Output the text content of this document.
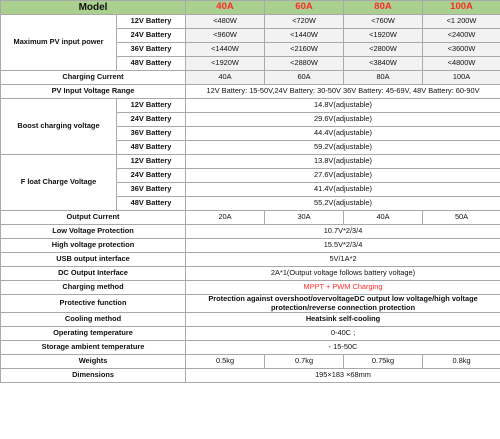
Model		40A	60A	80A	100A
Maximum PV input power	12V Battery	<480W	<720W	<760W	<1 200W
	24V Battery	<960W	<1440W	<1920W	<2400W
	36V Battery	<1440W	<2160W	<2800W	<3600W
	48V Battery	<1920W	<2880W	<3840W	<4800W
Charging Current		40A	60A	80A	100A
PV Input Voltage Range		12V Battery: 15-50V,24V Battery: 30-50V 36V Battery: 45-69V, 48V Battery: 60-90V			
Boost charging voltage	12V Battery	14.8V(adjustable)			
	24V Battery	29.6V(adjustable)			
	36V Battery	44.4V(adjustable)			
	48V Battery	59.2V(adjustable)			
F loat Charge Voltage	12V Battery	13.8V(adjustable)			
	24V Battery	27.6V(adjustable)			
	36V Battery	41.4V(adjustable)			
	48V Battery	55.2V(adjustable)			
Output Current		20A	30A	40A	50A
Low Voltage Protection		10.7V*2/3/4			
High voltage protection		15.5V*2/3/4			
USB output interface		5V/1A*2			
DC Output Interface		2A*1(Output voltage follows battery voltage)			
Charging method		MPPT + PWM Charging			
Protective function		Protection against overshoot/overvoltageDC output low voltage/high voltage protection/reverse connection protection			
Cooling method		Heatsink self-cooling			
Operating temperature		0-40C ;			
Storage ambient temperature		- 15-50C			
Weights		0.5kg	0.7kg	0.75kg	0.8kg
Dimensions		195×183 ×68mm			
